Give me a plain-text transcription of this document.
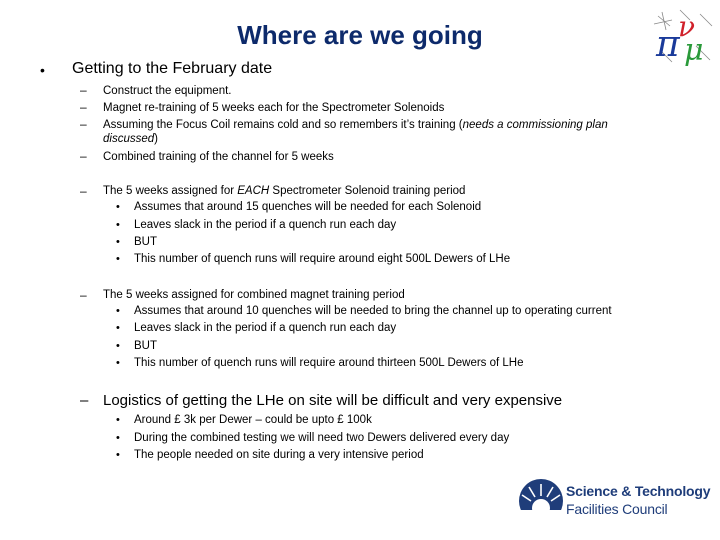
Where are we going	π
ν
μ
• Getting to the February date
– Construct the equipment.
– Magnet re-training of 5 weeks each for the Spectrometer Solenoids
– Assuming the Focus Coil remains cold and so remembers it’s training (needs a commissioning plan discussed)
– Combined training of the channel for 5 weeks
– The 5 weeks assigned for EACH Spectrometer Solenoid training period
• Assumes that around 15 quenches will be needed for each Solenoid
• Leaves slack in the period if a quench run each day
• BUT
• This number of quench runs will require around eight 500L Dewers of LHe
– The 5 weeks assigned for combined magnet training period
• Assumes that around 10 quenches will be needed to bring the channel up to operating current
• Leaves slack in the period if a quench run each day
• BUT
• This number of quench runs will require around thirteen 500L Dewers of LHe
– Logistics of getting the LHe on site will be difficult and very expensive
• Around £ 3k per Dewer – could be upto £ 100k
• During the combined testing we will need two Dewers delivered every day
• The people needed on site during a very intensive period
Science & Technology
Facilities Council
